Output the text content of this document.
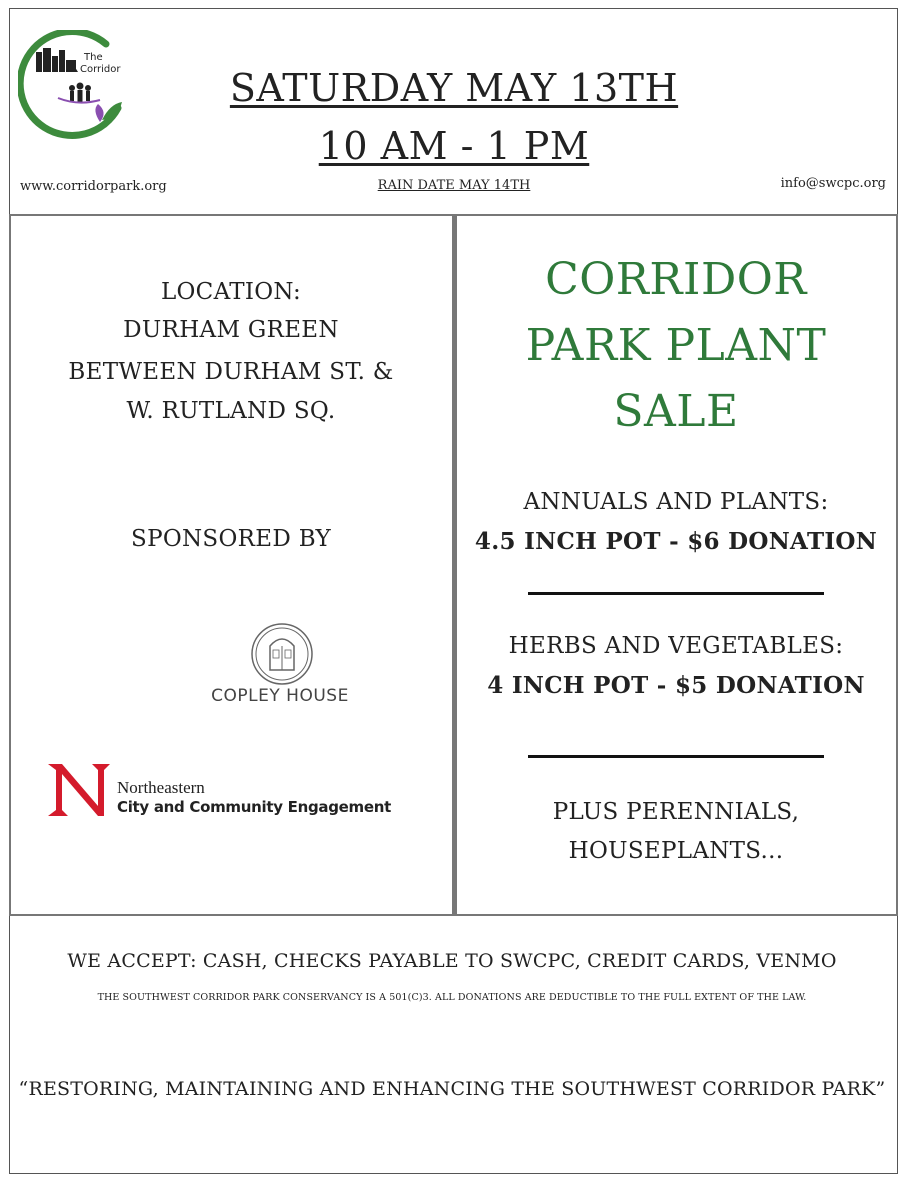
The
Corridor
www.corridorpark.org	info@swcpc.org
SATURDAY MAY 13TH
10 AM - 1 PM
RAIN DATE MAY 14TH
LOCATION:
DURHAM GREEN
BETWEEN DURHAM ST. &
W. RUTLAND SQ.
SPONSORED BY
COPLEY HOUSE
Northeastern
City and Community Engagement
CORRIDOR
PARK PLANT
SALE
ANNUALS AND PLANTS:
4.5 INCH POT - $6 DONATION
HERBS AND VEGETABLES:
4 INCH POT - $5 DONATION
PLUS PERENNIALS,
HOUSEPLANTS...
WE ACCEPT: CASH, CHECKS PAYABLE TO SWCPC, CREDIT CARDS, VENMO
THE SOUTHWEST CORRIDOR PARK CONSERVANCY IS A 501(C)3. ALL DONATIONS ARE DEDUCTIBLE TO THE FULL EXTENT OF THE LAW.
“RESTORING, MAINTAINING AND ENHANCING THE SOUTHWEST CORRIDOR PARK”
